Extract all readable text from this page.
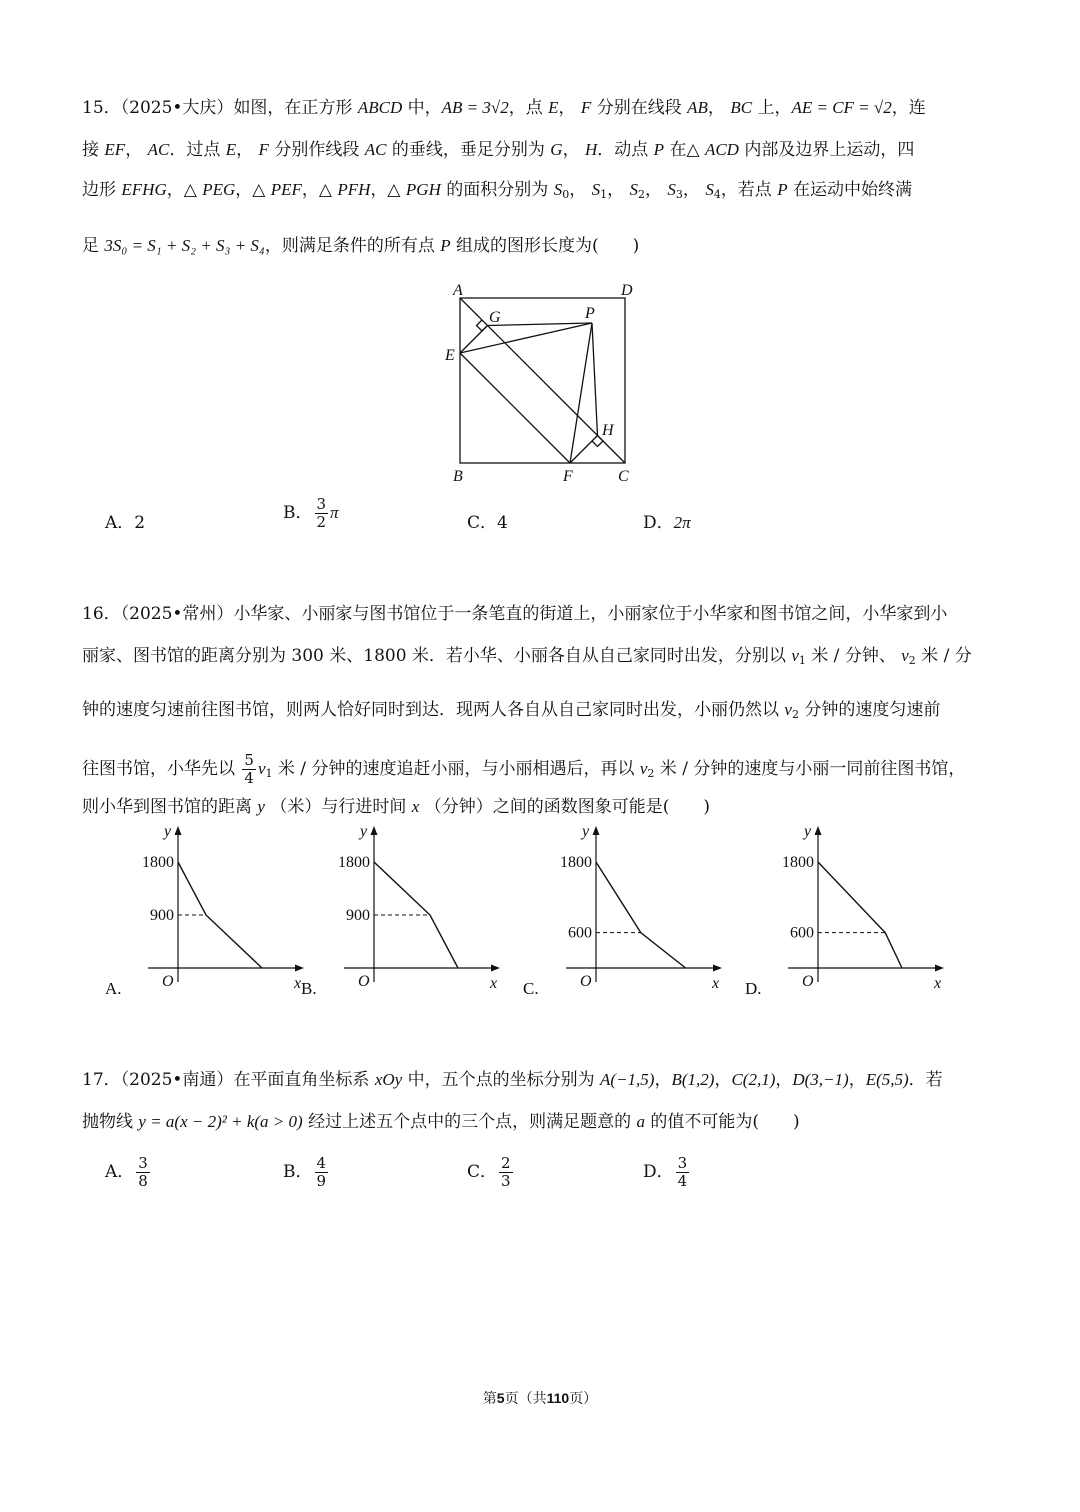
15．（2025•大庆）如图，在正方形 ABCD 中，AB = 3√2，点 E， F 分别在线段 AB， BC 上，AE = CF = √2，连
接 EF， AC．过点 E， F 分别作线段 AC 的垂线，垂足分别为 G， H．动点 P 在△ ACD 内部及边界上运动，四
边形 EFHG，△ PEG，△ PEF，△ PFH，△ PGH 的面积分别为 $S_0$， $S_1$， $S_2$， $S_3$， $S_4$，若点 P 在运动中始终满
足 3S₀ = S₁ + S₂ + S₃ + S₄，则满足条件的所有点 P 组成的图形长度为(　　)
A	D
G	P
E
H
B	F	C
A．2	B． $\frac{3}{2}$ π
C．4	D．2π
16．（2025•常州）小华家、小丽家与图书馆位于一条笔直的街道上，小丽家位于小华家和图书馆之间，小华家到小
丽家、图书馆的距离分别为 300 米、1800 米．若小华、小丽各自从自己家同时出发，分别以 $v_1$ 米 / 分钟、 $v_2$ 米 / 分
钟的速度匀速前往图书馆，则两人恰好同时到达．现两人各自从自己家同时出发，小丽仍然以 $v_2$ 分钟的速度匀速前
往图书馆，小华先以 $\frac{5}{4} v_1$ 米 / 分钟的速度追赶小丽，与小丽相遇后，再以 $v_2$ 米 / 分钟的速度与小丽一同前往图书馆，
则小华到图书馆的距离 y （米）与行进时间 x （分钟）之间的函数图象可能是(　　)
1800
900
O	x
y
A.
1800
900
O	x
y
B.
1800
600
O	x
y
C.
1800
600
O	x
y
D.
17．（2025•南通）在平面直角坐标系 xOy 中，五个点的坐标分别为 A(−1,5)，B(1,2)，C(2,1)，D(3,−1)，E(5,5)．若
抛物线 y = a(x − 2)² + k(a > 0) 经过上述五个点中的三个点，则满足题意的 a 的值不可能为(　　)
A． $\frac{3}{8}$	B． $\frac{4}{9}$	C． $\frac{2}{3}$	D． $\frac{3}{4}$
第5页（共110页）
